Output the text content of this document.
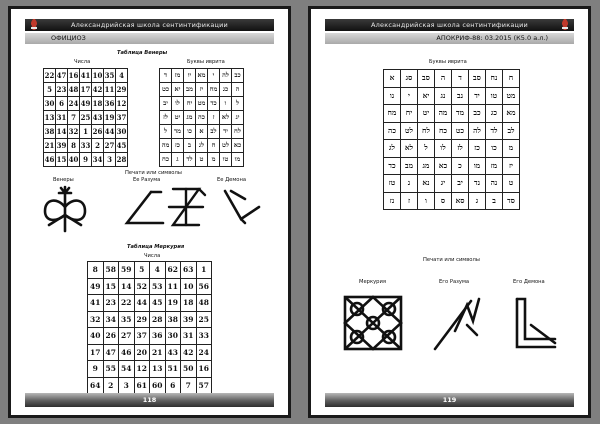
Александрийская школа сентинтификации
ОФИЦИОЗ
Таблица Венеры
Числа	Буквы иврита
22	47	16	41	10	35	4
5	23	48	17	42	11	29
30	6	24	49	18	36	12
13	31	7	25	43	19	37
38	14	32	1	26	44	30
21	39	8	33	2	27	45
46	15	40	9	34	3	28
ד	מז	יו	מא	י	לה	כב
כט	יא	מב	יז	מח	כג	ה
יב	לו	יח	מט	כד	ו	ל
לז	יט	מג	כה	ז	לא	יג
ל	מד	כו	א	לב	יד	לח
מה	כז	ב	לג	ח	לט	כא
כח	ג	לד	ט	מ	טו	מו
Печати или символы
Венеры	Ее Разума	Ее Демона
Таблица Меркурия
Числа
8	58	59	5	4	62	63	1
49	15	14	52	53	11	10	56
41	23	22	44	45	19	18	48
32	34	35	29	28	38	39	25
40	26	27	37	36	30	31	33
17	47	46	20	21	43	42	24
9	55	54	12	13	51	50	16
64	2	3	61	60	6	7	57
118
Александрийская школа сентинтификации
АПОКРИФ-88: 03.2015 (К5.0 а.л.)
Буквы иврита
א	סג	סב	ה	ד	סב	נח	ח
נו	י	יא	נג	נב	יד	טו	מט
מח	יח	יט	מה	מד	כב	כג	מא
כה	לט	לח	כח	כט	לה	לד	לב
לג	לא	ל	לו	לז	כז	כו	מ
כד	מב	מג	כא	כ	מו	מז	יז
טז	נ	נא	יג	יב	נד	נה	ט
נז	ז	ו	ס	סא	ג	ב	סד
Печати или символы
Меркурия	Его Разума	Его Демона
119
